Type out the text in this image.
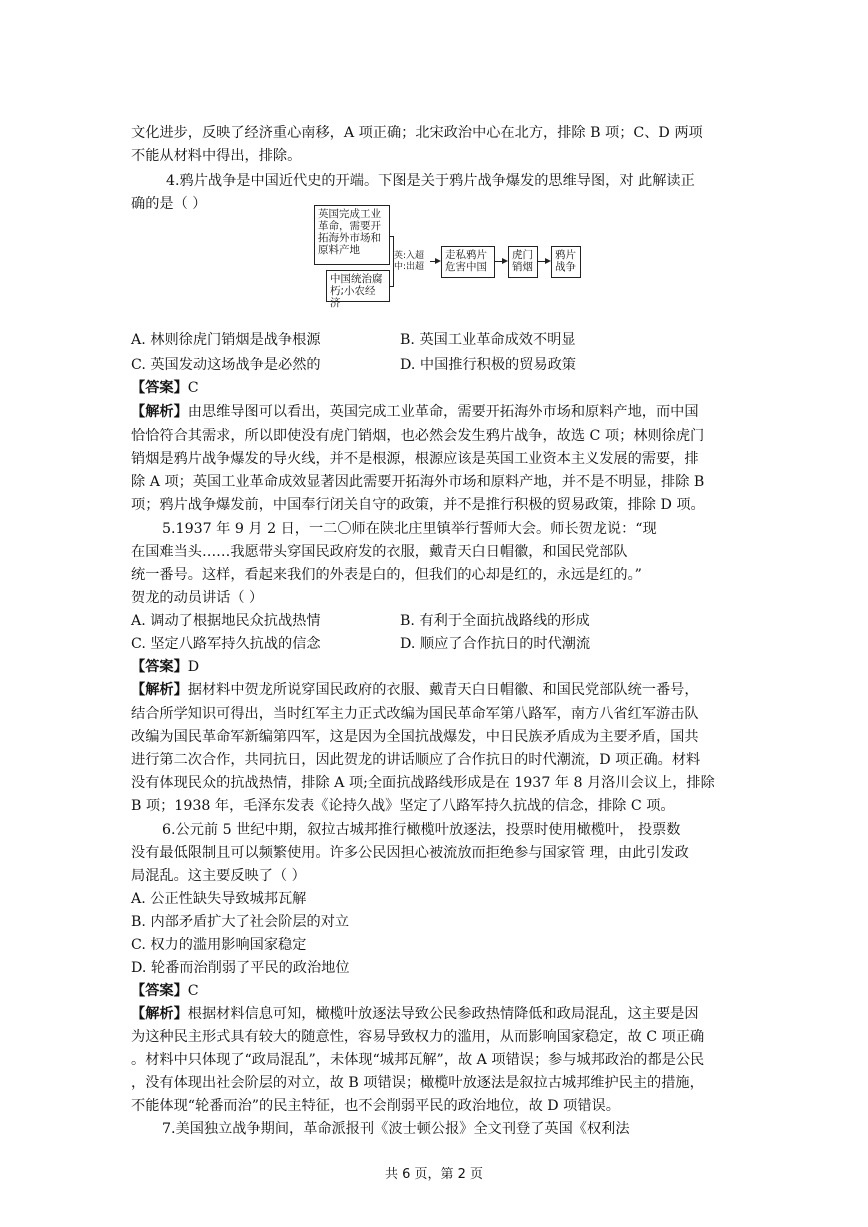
文化进步，反映了经济重心南移，A 项正确；北宋政治中心在北方，排除 B 项；C、D 两项
不能从材料中得出，排除。
4.鸦片战争是中国近代史的开端。下图是关于鸦片战争爆发的思维导图，对 此解读正
确的是（ ）
英国完成工业革命，需要开拓海外市场和原料产地
中国统治腐朽;小农经济
英:入超
中:出超
走私鸦片危害中国
虎门销烟
鸦片战争
A. 林则徐虎门销烟是战争根源	B. 英国工业革命成效不明显
C. 英国发动这场战争是必然的	D. 中国推行积极的贸易政策
【答案】C
【解析】由思维导图可以看出，英国完成工业革命，需要开拓海外市场和原料产地，而中国
恰恰符合其需求，所以即使没有虎门销烟，也必然会发生鸦片战争，故选 C 项；林则徐虎门
销烟是鸦片战争爆发的导火线，并不是根源，根源应该是英国工业资本主义发展的需要，排
除 A 项；英国工业革命成效显著因此需要开拓海外市场和原料产地，并不是不明显，排除 B
项；鸦片战争爆发前，中国奉行闭关自守的政策，并不是推行积极的贸易政策，排除 D 项。
5.1937 年 9 月 2 日，一二〇师在陕北庄里镇举行誓师大会。师长贺龙说：“现
在国难当头……我愿带头穿国民政府发的衣服，戴青天白日帽徽，和国民党部队
统一番号。这样，看起来我们的外表是白的，但我们的心却是红的，永远是红的。”
贺龙的动员讲话（ ）
A. 调动了根据地民众抗战热情	B. 有利于全面抗战路线的形成
C. 坚定八路军持久抗战的信念	D. 顺应了合作抗日的时代潮流
【答案】D
【解析】据材料中贺龙所说穿国民政府的衣服、戴青天白日帽徽、和国民党部队统一番号，
结合所学知识可得出，当时红军主力正式改编为国民革命军第八路军，南方八省红军游击队
改编为国民革命军新编第四军，这是因为全国抗战爆发，中日民族矛盾成为主要矛盾，国共
进行第二次合作，共同抗日，因此贺龙的讲话顺应了合作抗日的时代潮流，D 项正确。材料
没有体现民众的抗战热情，排除 A 项;全面抗战路线形成是在 1937 年 8 月洛川会议上，排除
B 项；1938 年，毛泽东发表《论持久战》坚定了八路军持久抗战的信念，排除 C 项。
6.公元前 5 世纪中期，叙拉古城邦推行橄榄叶放逐法，投票时使用橄榄叶， 投票数
没有最低限制且可以频繁使用。许多公民因担心被流放而拒绝参与国家管 理，由此引发政
局混乱。这主要反映了（ ）
A. 公正性缺失导致城邦瓦解
B. 内部矛盾扩大了社会阶层的对立
C. 权力的滥用影响国家稳定
D. 轮番而治削弱了平民的政治地位
【答案】C
【解析】根据材料信息可知，橄榄叶放逐法导致公民参政热情降低和政局混乱，这主要是因
为这种民主形式具有较大的随意性，容易导致权力的滥用，从而影响国家稳定，故 C 项正确
。材料中只体现了“政局混乱”，未体现“城邦瓦解”，故 A 项错误；参与城邦政治的都是公民
，没有体现出社会阶层的对立，故 B 项错误；橄榄叶放逐法是叙拉古城邦维护民主的措施，
不能体现“轮番而治”的民主特征，也不会削弱平民的政治地位，故 D 项错误。
7.美国独立战争期间，革命派报刊《波士顿公报》全文刊登了英国《权利法
共 6 页，第 2 页
